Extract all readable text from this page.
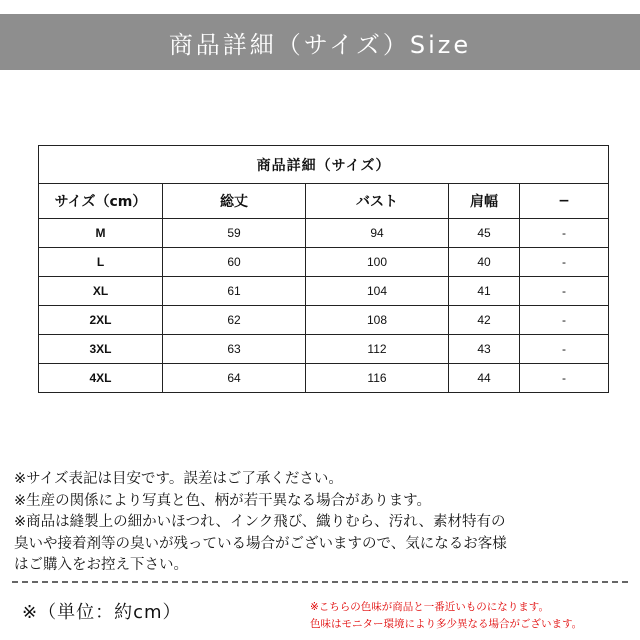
商品詳細（サイズ）Size
商品詳細（サイズ）				
サイズ（cm）	総丈	バスト	肩幅	−
M	59	94	45	-
L	60	100	40	-
XL	61	104	41	-
2XL	62	108	42	-
3XL	63	112	43	-
4XL	64	116	44	-

※サイズ表記は目安です。誤差はご了承ください。

※生産の関係により写真と色、柄が若干異なる場合があります。

※商品は縫製上の細かいほつれ、インク飛び、織りむら、汚れ、素材特有の

臭いや接着剤等の臭いが残っている場合がございますので、気になるお客様

はご購入をお控え下さい。

※（単位：約cm）	※こちらの色味が商品と一番近いものになります。

色味はモニター環境により多少異なる場合がございます。
